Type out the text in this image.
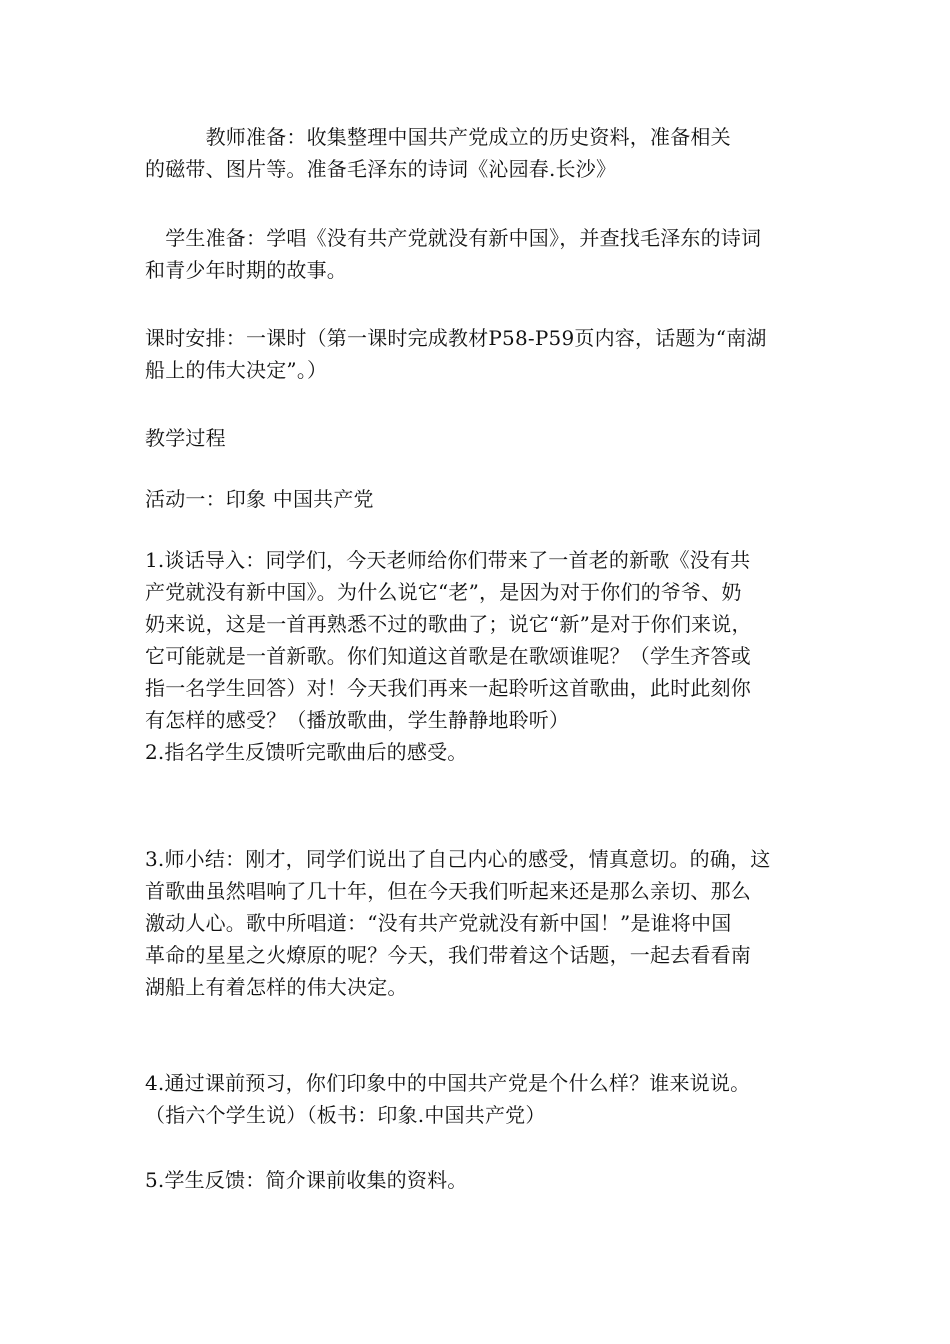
　　　教师准备：收集整理中国共产党成立的历史资料，准备相关
的磁带、图片等。准备毛泽东的诗词《沁园春.长沙》
　学生准备：学唱《没有共产党就没有新中国》，并查找毛泽东的诗词
和青少年时期的故事。
课时安排：一课时（第一课时完成教材P58-P59页内容，话题为“南湖
船上的伟大决定”。）
教学过程
活动一：印象 中国共产党
1.谈话导入：同学们，今天老师给你们带来了一首老的新歌《没有共
产党就没有新中国》。为什么说它“老”，是因为对于你们的爷爷、奶
奶来说，这是一首再熟悉不过的歌曲了；说它“新”是对于你们来说，
它可能就是一首新歌。你们知道这首歌是在歌颂谁呢？（学生齐答或
指一名学生回答）对！今天我们再来一起聆听这首歌曲，此时此刻你
有怎样的感受？（播放歌曲，学生静静地聆听）
2.指名学生反馈听完歌曲后的感受。
3.师小结：刚才，同学们说出了自己内心的感受，情真意切。的确，这
首歌曲虽然唱响了几十年，但在今天我们听起来还是那么亲切、那么
激动人心。歌中所唱道：“没有共产党就没有新中国！”是谁将中国
革命的星星之火燎原的呢？今天，我们带着这个话题，一起去看看南
湖船上有着怎样的伟大决定。
4.通过课前预习，你们印象中的中国共产党是个什么样？谁来说说。
（指六个学生说）（板书：印象.中国共产党）
5.学生反馈：简介课前收集的资料。
